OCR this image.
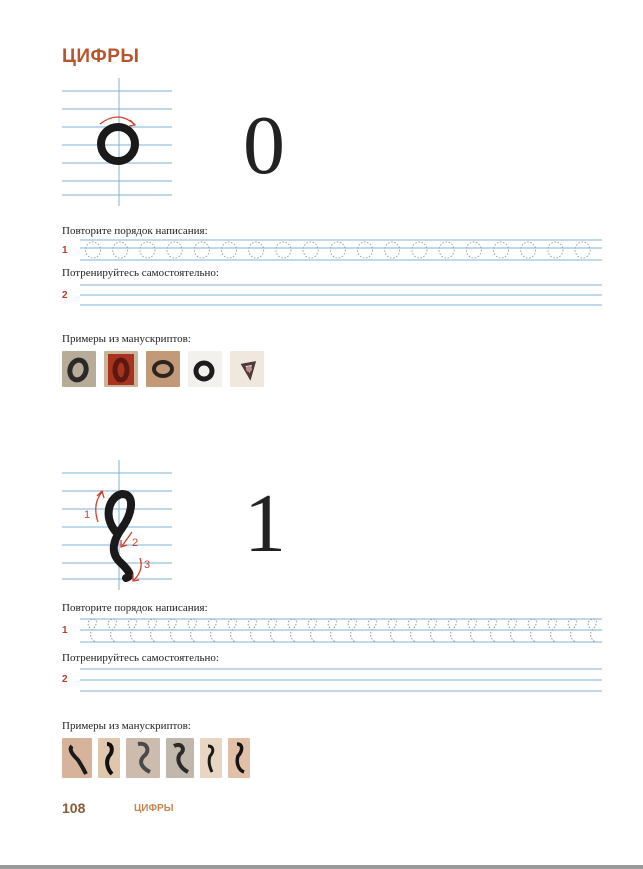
ЦИФРЫ
0
Повторите порядок написания:
1
Потренируйтесь самостоятельно:
2
Примеры из манускриптов:
1
2
3 1
Повторите порядок написания:
1
Потренируйтесь самостоятельно:
2
Примеры из манускриптов:
108	ЦИФРЫ
